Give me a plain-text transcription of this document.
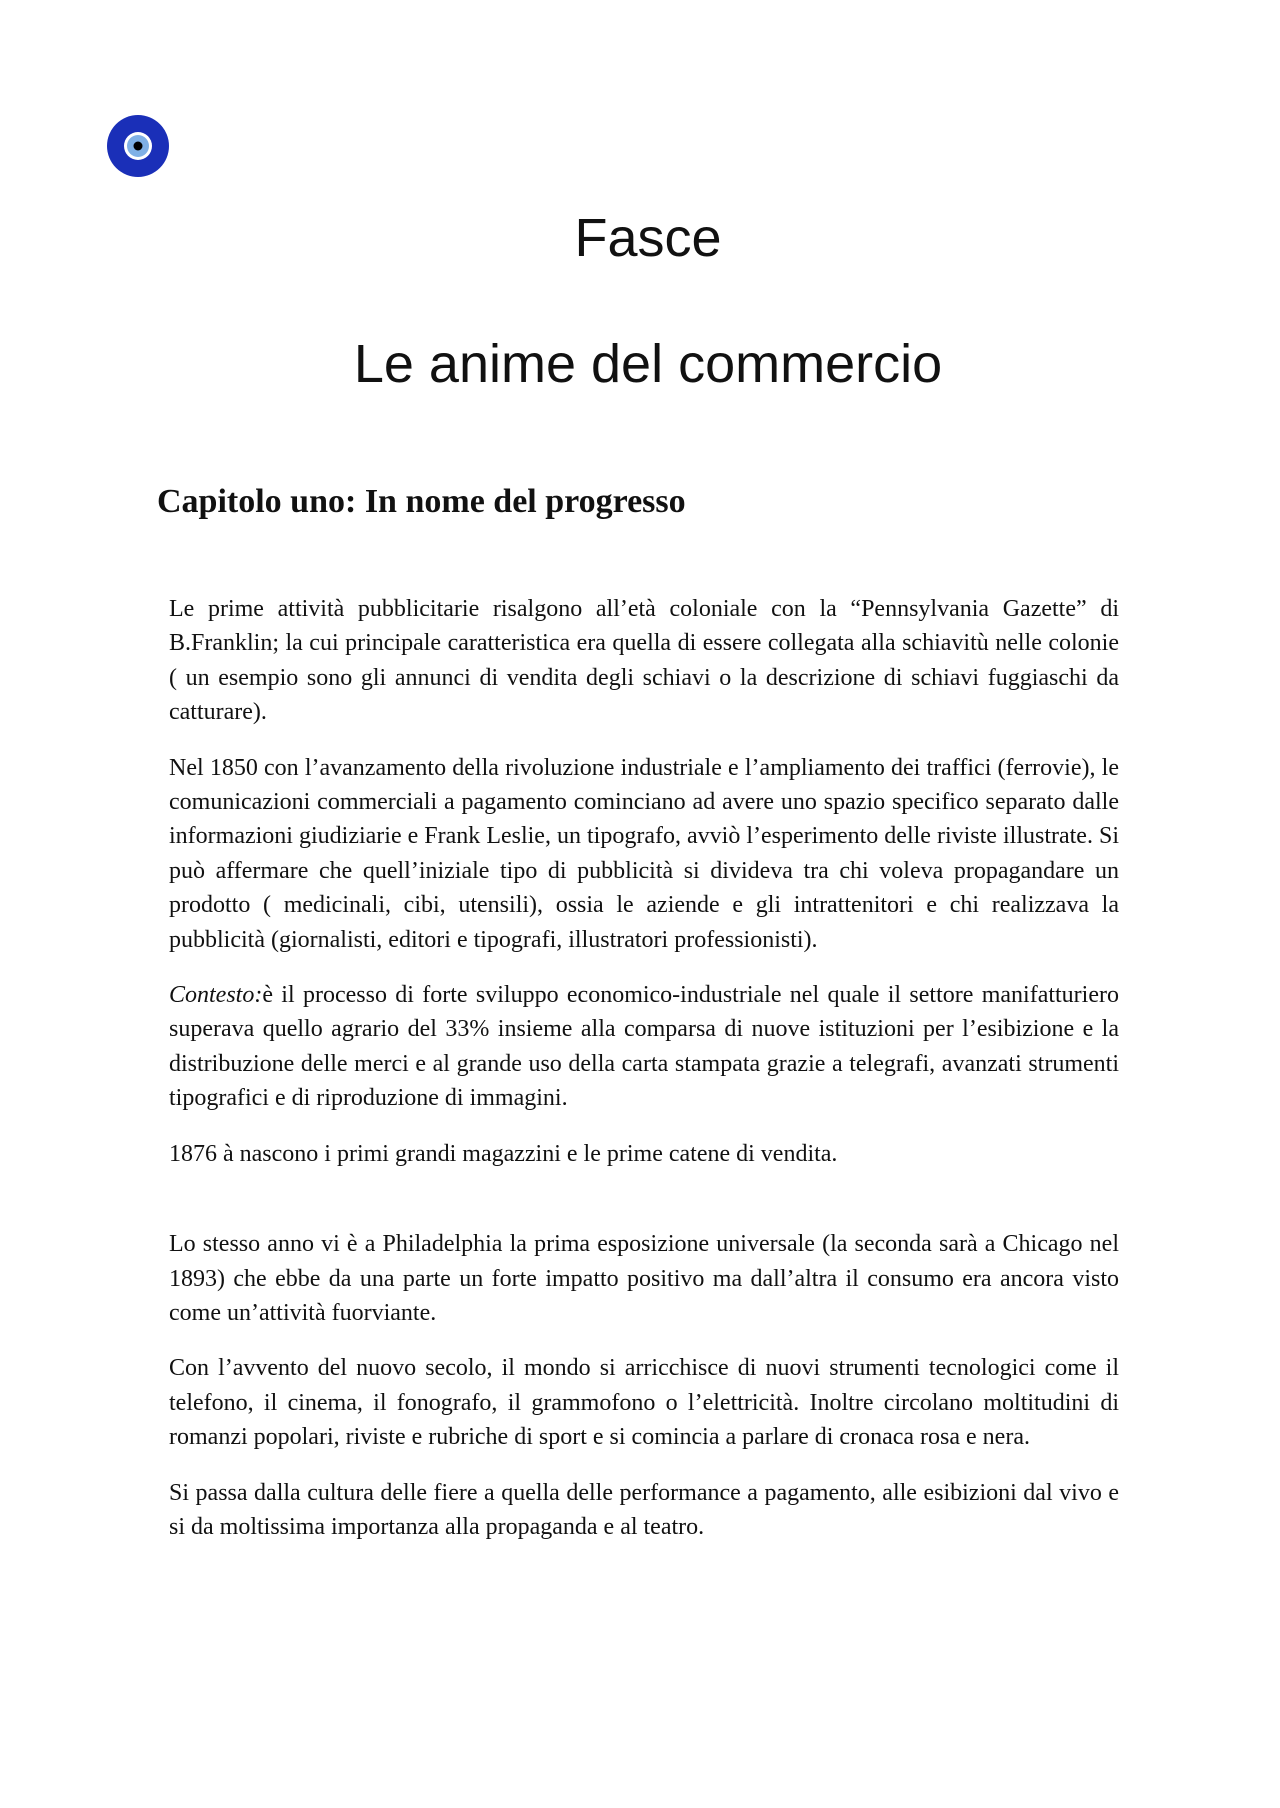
Fasce
Le anime del commercio
Capitolo uno: In nome del progresso

Le prime attività pubblicitarie risalgono all’età coloniale con la “Pennsylvania Gazette” di B.Franklin; la cui principale caratteristica era quella di essere collegata alla schiavitù nelle colonie ( un esempio sono gli annunci di vendita degli schiavi o la descrizione di schiavi fuggiaschi da catturare).

Nel 1850 con l’avanzamento della rivoluzione industriale e l’ampliamento dei traffici (ferrovie), le comunicazioni commerciali a pagamento cominciano ad avere uno spazio specifico separato dalle informazioni giudiziarie e Frank Leslie, un tipografo, avviò l’esperimento delle riviste illustrate. Si può affermare che quell’iniziale tipo di pubblicità si divideva tra chi voleva propagandare un prodotto ( medicinali, cibi, utensili), ossia le aziende e gli intrattenitori e chi realizzava la pubblicità (giornalisti, editori e tipografi, illustratori professionisti).

Contesto:è il processo di forte sviluppo economico-industriale nel quale il settore manifatturiero superava quello agrario del 33% insieme alla comparsa di nuove istituzioni per l’esibizione e la distribuzione delle merci e al grande uso della carta stampata grazie a telegrafi, avanzati strumenti tipografici e di riproduzione di immagini.

1876 à nascono i primi grandi magazzini e le prime catene di vendita.

Lo stesso anno vi è a Philadelphia la prima esposizione universale (la seconda sarà a Chicago nel 1893) che ebbe da una parte un forte impatto positivo ma dall’altra il consumo era ancora visto come un’attività fuorviante.

Con l’avvento del nuovo secolo, il mondo si arricchisce di nuovi strumenti tecnologici come il telefono, il cinema, il fonografo, il grammofono o l’elettricità. Inoltre circolano moltitudini di romanzi popolari, riviste e rubriche di sport e si comincia a parlare di cronaca rosa e nera.

Si passa dalla cultura delle fiere a quella delle performance a pagamento, alle esibizioni dal vivo e si da moltissima importanza alla propaganda e al teatro.
